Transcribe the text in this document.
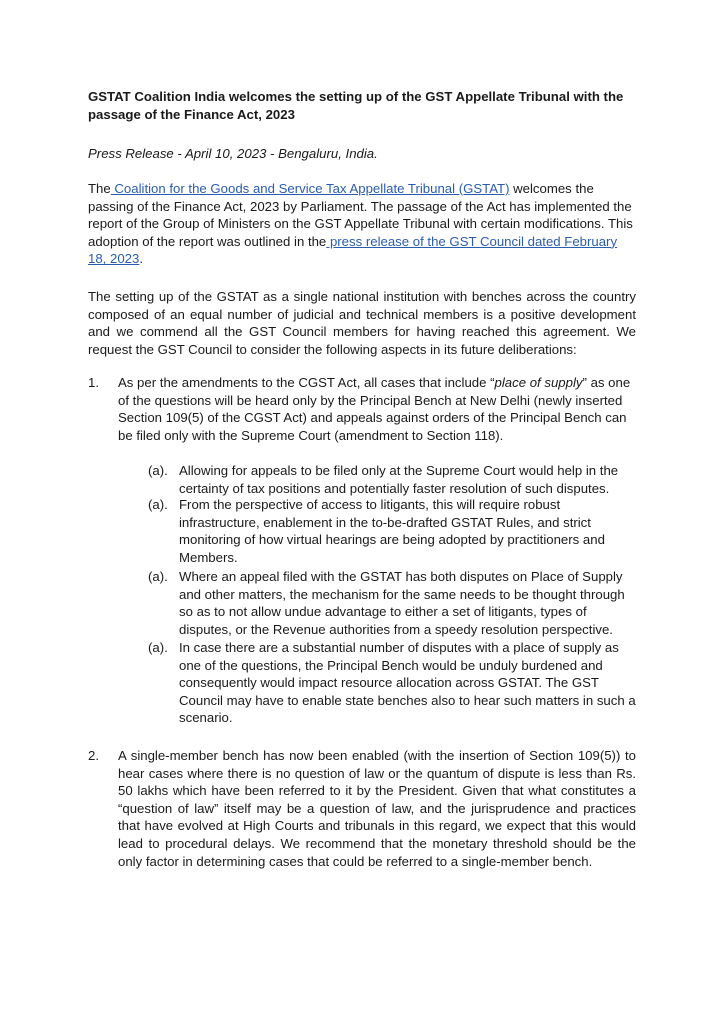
GSTAT Coalition India welcomes the setting up of the GST Appellate Tribunal with the passage of the Finance Act, 2023
Press Release - April 10, 2023 - Bengaluru, India.
The Coalition for the Goods and Service Tax Appellate Tribunal (GSTAT) welcomes the passing of the Finance Act, 2023 by Parliament. The passage of the Act has implemented the report of the Group of Ministers on the GST Appellate Tribunal with certain modifications. This adoption of the report was outlined in the press release of the GST Council dated February 18, 2023.
The setting up of the GSTAT as a single national institution with benches across the country composed of an equal number of judicial and technical members is a positive development and we commend all the GST Council members for having reached this agreement. We request the GST Council to consider the following aspects in its future deliberations:
1.	As per the amendments to the CGST Act, all cases that include “place of supply” as one of the questions will be heard only by the Principal Bench at New Delhi (newly inserted Section 109(5) of the CGST Act) and appeals against orders of the Principal Bench can be filed only with the Supreme Court (amendment to Section 118).
(a). Allowing for appeals to be filed only at the Supreme Court would help in the certainty of tax positions and potentially faster resolution of such disputes.
(a). From the perspective of access to litigants, this will require robust infrastructure, enablement in the to-be-drafted GSTAT Rules, and strict monitoring of how virtual hearings are being adopted by practitioners and Members.
(a). Where an appeal filed with the GSTAT has both disputes on Place of Supply and other matters, the mechanism for the same needs to be thought through so as to not allow undue advantage to either a set of litigants, types of disputes, or the Revenue authorities from a speedy resolution perspective.
(a). In case there are a substantial number of disputes with a place of supply as one of the questions, the Principal Bench would be unduly burdened and consequently would impact resource allocation across GSTAT. The GST Council may have to enable state benches also to hear such matters in such a scenario.
2.	A single-member bench has now been enabled (with the insertion of Section 109(5)) to hear cases where there is no question of law or the quantum of dispute is less than Rs. 50 lakhs which have been referred to it by the President. Given that what constitutes a “question of law” itself may be a question of law, and the jurisprudence and practices that have evolved at High Courts and tribunals in this regard, we expect that this would lead to procedural delays. We recommend that the monetary threshold should be the only factor in determining cases that could be referred to a single-member bench.
